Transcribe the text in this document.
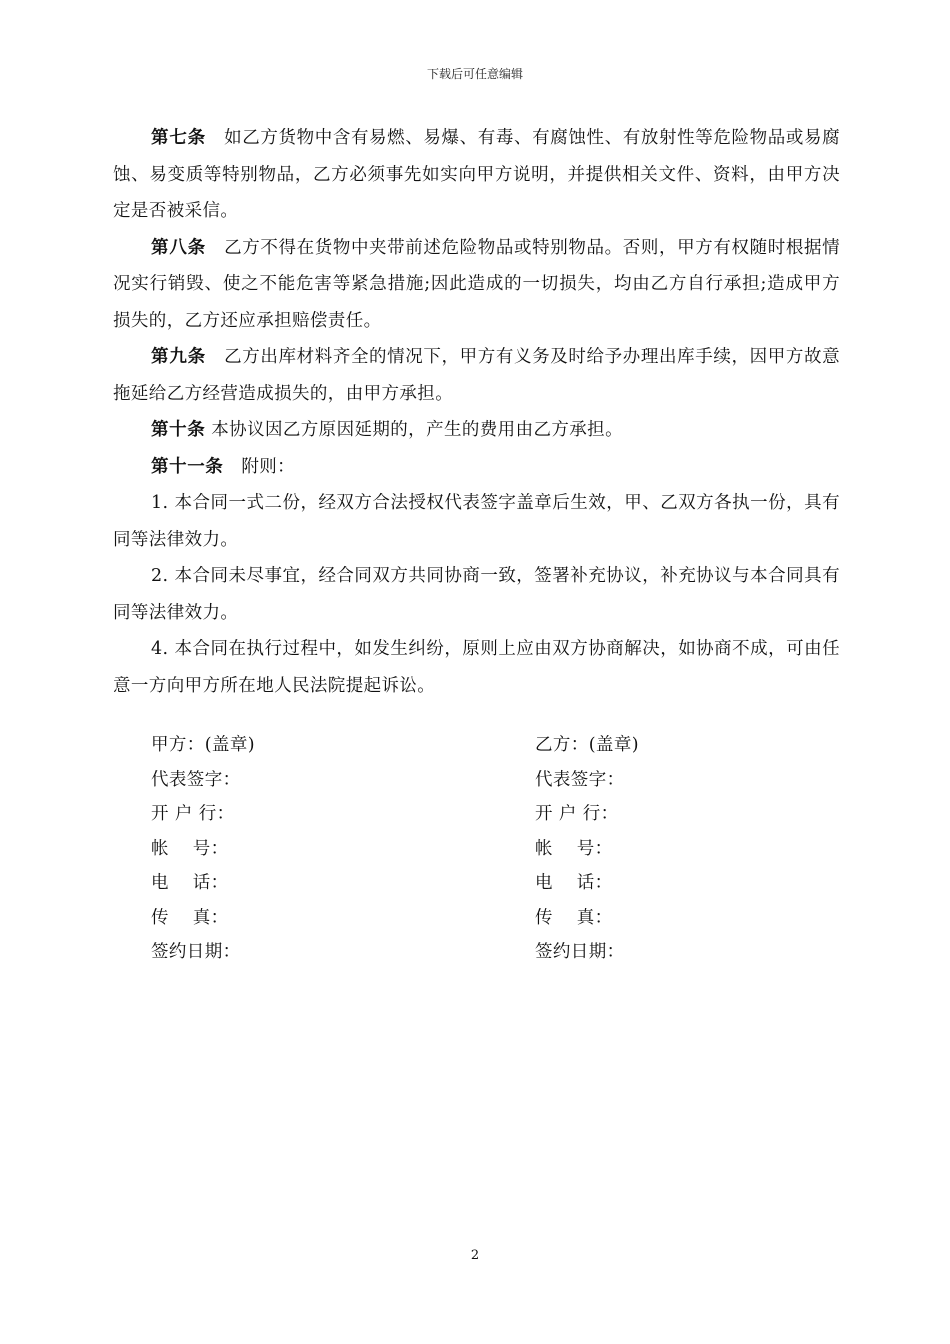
下载后可任意编辑

第七条　 如乙方货物中含有易燃、易爆、有毒、有腐蚀性、有放射性等危险物品或易腐蚀、易变质等特别物品，乙方必须事先如实向甲方说明，并提供相关文件、资料，由甲方决定是否被采信。

第八条　 乙方不得在货物中夹带前述危险物品或特别物品。否则，甲方有权随时根据情况实行销毁、使之不能危害等紧急措施;因此造成的一切损失，均由乙方自行承担;造成甲方损失的，乙方还应承担赔偿责任。

第九条　 乙方出库材料齐全的情况下，甲方有义务及时给予办理出库手续，因甲方故意拖延给乙方经营造成损失的，由甲方承担。

第十条 本协议因乙方原因延期的，产生的费用由乙方承担。

第十一条　 附则：

1. 本合同一式二份，经双方合法授权代表签字盖章后生效，甲、乙双方各执一份，具有同等法律效力。

2. 本合同未尽事宜，经合同双方共同协商一致，签署补充协议，补充协议与本合同具有同等法律效力。

4. 本合同在执行过程中，如发生纠纷，原则上应由双方协商解决，如协商不成，可由任意一方向甲方所在地人民法院提起诉讼。

甲方：(盖章)
代表签字：
开 户 行：
帐    号：
电    话：
传    真：
签约日期：
乙方：(盖章)
代表签字：
开 户 行：
帐    号：
电    话：
传    真：
签约日期：
2
